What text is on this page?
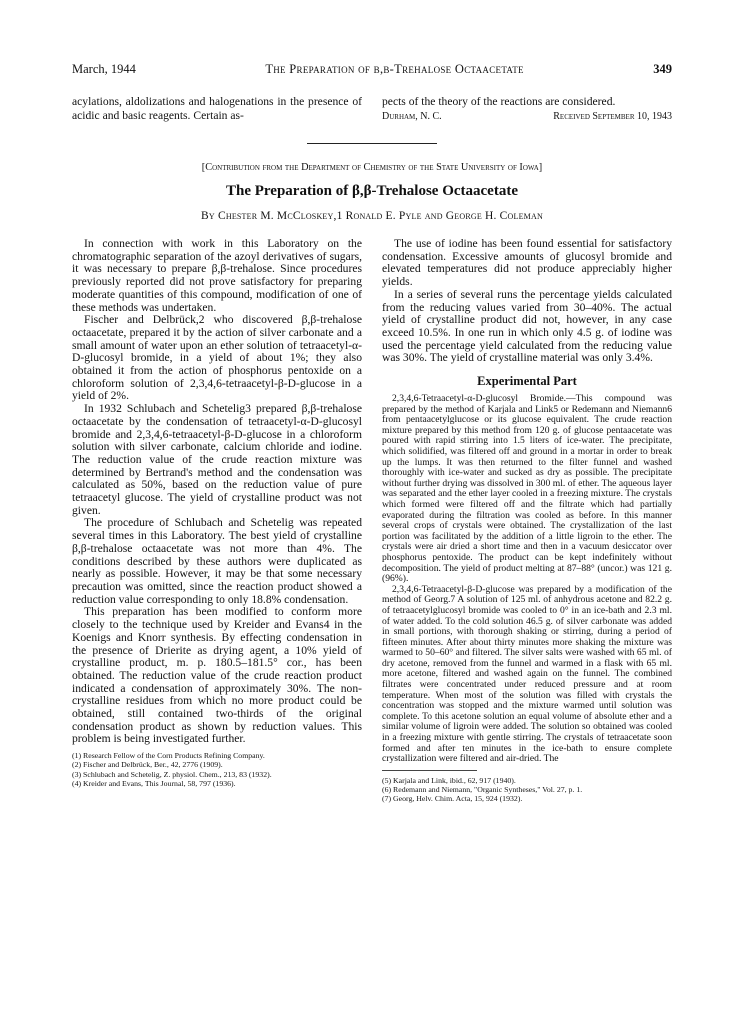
March, 1944	The Preparation of β,β-Trehalose Octaacetate	349
acylations, aldolizations and halogenations in the presence of acidic and basic reagents. Certain as-
pects of the theory of the reactions are considered.
Durham, N. C.	Received September 10, 1943
[Contribution from the Department of Chemistry of the State University of Iowa]
The Preparation of β,β-Trehalose Octaacetate
By Chester M. McCloskey,1 Ronald E. Pyle and George H. Coleman

In connection with work in this Laboratory on the chromatographic separation of the azoyl derivatives of sugars, it was necessary to prepare β,β-trehalose. Since procedures previously reported did not prove satisfactory for preparing moderate quantities of this compound, modification of one of these methods was undertaken.

Fischer and Delbrück,2 who discovered β,β-trehalose octaacetate, prepared it by the action of silver carbonate and a small amount of water upon an ether solution of tetraacetyl-α-D-glucosyl bromide, in a yield of about 1%; they also obtained it from the action of phosphorus pentoxide on a chloroform solution of 2,3,4,6-tetraacetyl-β-D-glucose in a yield of 2%.

In 1932 Schlubach and Schetelig3 prepared β,β-trehalose octaacetate by the condensation of tetraacetyl-α-D-glucosyl bromide and 2,3,4,6-tetraacetyl-β-D-glucose in a chloroform solution with silver carbonate, calcium chloride and iodine. The reduction value of the crude reaction mixture was determined by Bertrand's method and the condensation was calculated as 50%, based on the reduction value of pure tetraacetyl glucose. The yield of crystalline product was not given.

The procedure of Schlubach and Schetelig was repeated several times in this Laboratory. The best yield of crystalline β,β-trehalose octaacetate was not more than 4%. The conditions described by these authors were duplicated as nearly as possible. However, it may be that some necessary precaution was omitted, since the reaction product showed a reduction value corresponding to only 18.8% condensation.

This preparation has been modified to conform more closely to the technique used by Kreider and Evans4 in the Koenigs and Knorr synthesis. By effecting condensation in the presence of Drierite as drying agent, a 10% yield of crystalline product, m. p. 180.5–181.5° cor., has been obtained. The reduction value of the crude reaction product indicated a condensation of approximately 30%. The non-crystalline residues from which no more product could be obtained, still contained two-thirds of the original condensation product as shown by reduction values. This problem is being investigated further.

(1) Research Fellow of the Corn Products Refining Company.
(2) Fischer and Delbrück, Ber., 42, 2776 (1909).
(3) Schlubach and Schetelig, Z. physiol. Chem., 213, 83 (1932).
(4) Kreider and Evans, This Journal, 58, 797 (1936).

The use of iodine has been found essential for satisfactory condensation. Excessive amounts of glucosyl bromide and elevated temperatures did not produce appreciably higher yields.

In a series of several runs the percentage yields calculated from the reducing values varied from 30–40%. The actual yield of crystalline product did not, however, in any case exceed 10.5%. In one run in which only 4.5 g. of iodine was used the percentage yield calculated from the reducing value was 30%. The yield of crystalline material was only 3.4%.

Experimental Part

2,3,4,6-Tetraacetyl-α-D-glucosyl Bromide.—This compound was prepared by the method of Karjala and Link5 or Redemann and Niemann6 from pentaacetylglucose or its glucose equivalent. The crude reaction mixture prepared by this method from 120 g. of glucose pentaacetate was poured with rapid stirring into 1.5 liters of ice-water. The precipitate, which solidified, was filtered off and ground in a mortar in order to break up the lumps. It was then returned to the filter funnel and washed thoroughly with ice-water and sucked as dry as possible. The precipitate without further drying was dissolved in 300 ml. of ether. The aqueous layer was separated and the ether layer cooled in a freezing mixture. The crystals which formed were filtered off and the filtrate which had partially evaporated during the filtration was cooled as before. In this manner several crops of crystals were obtained. The crystallization of the last portion was facilitated by the addition of a little ligroin to the ether. The crystals were air dried a short time and then in a vacuum desiccator over phosphorus pentoxide. The product can be kept indefinitely without decomposition. The yield of product melting at 87–88° (uncor.) was 121 g. (96%).

2,3,4,6-Tetraacetyl-β-D-glucose was prepared by a modification of the method of Georg.7 A solution of 125 ml. of anhydrous acetone and 82.2 g. of tetraacetylglucosyl bromide was cooled to 0° in an ice-bath and 2.3 ml. of water added. To the cold solution 46.5 g. of silver carbonate was added in small portions, with thorough shaking or stirring, during a period of fifteen minutes. After about thirty minutes more shaking the mixture was warmed to 50–60° and filtered. The silver salts were washed with 65 ml. of dry acetone, removed from the funnel and warmed in a flask with 65 ml. more acetone, filtered and washed again on the funnel. The combined filtrates were concentrated under reduced pressure and at room temperature. When most of the solution was filled with crystals the concentration was stopped and the mixture warmed until solution was complete. To this acetone solution an equal volume of absolute ether and a similar volume of ligroin were added. The solution so obtained was cooled in a freezing mixture with gentle stirring. The crystals of tetraacetate soon formed and after ten minutes in the ice-bath to ensure complete crystallization were filtered and air-dried. The

(5) Karjala and Link, ibid., 62, 917 (1940).
(6) Redemann and Niemann, "Organic Syntheses," Vol. 27, p. 1.
(7) Georg, Helv. Chim. Acta, 15, 924 (1932).
